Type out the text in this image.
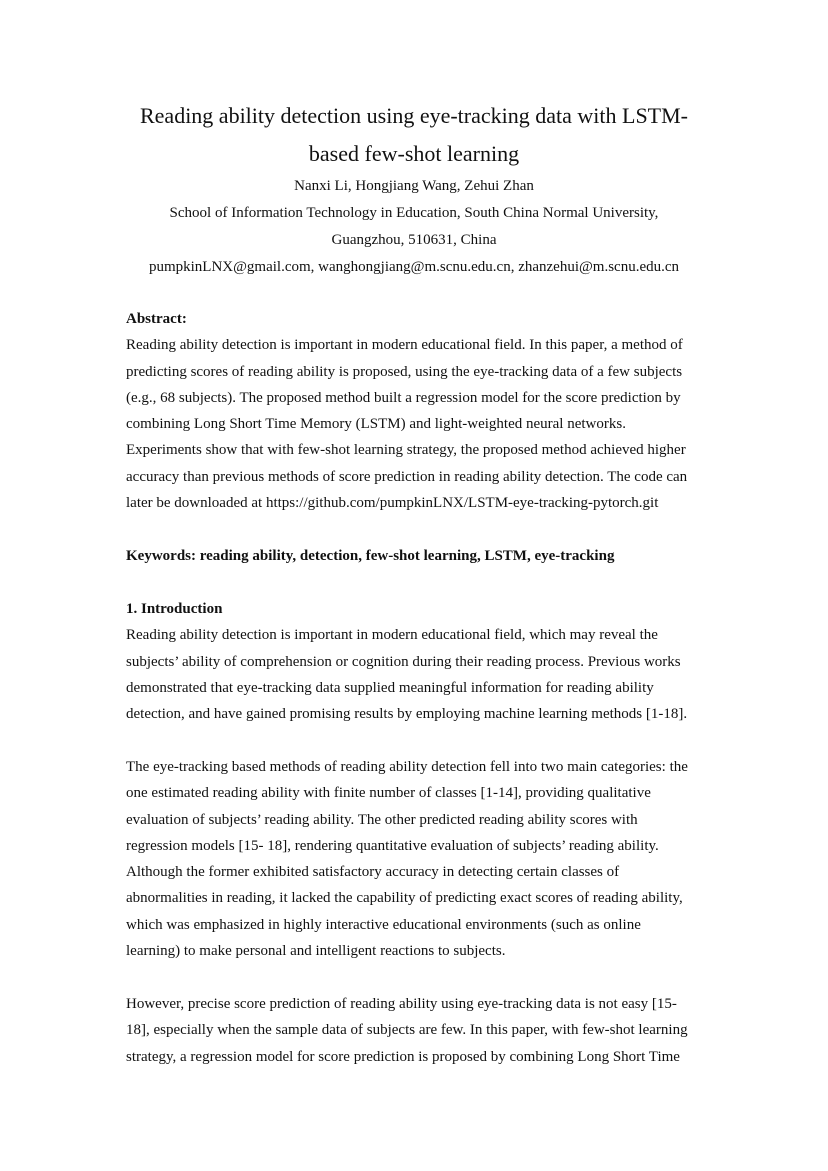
Reading ability detection using eye-tracking data with LSTM-
based few-shot learning

Nanxi Li, Hongjiang Wang, Zehui Zhan

School of Information Technology in Education, South China Normal University,

Guangzhou, 510631, China

pumpkinLNX@gmail.com, wanghongjiang@m.scnu.edu.cn, zhanzehui@m.scnu.edu.cn

Abstract:
Reading ability detection is important in modern educational field. In this paper, a method of
predicting scores of reading ability is proposed, using the eye-tracking data of a few subjects
(e.g., 68 subjects). The proposed method built a regression model for the score prediction by
combining Long Short Time Memory (LSTM) and light-weighted neural networks.
Experiments show that with few-shot learning strategy, the proposed method achieved higher
accuracy than previous methods of score prediction in reading ability detection. The code can
later be downloaded at https://github.com/pumpkinLNX/LSTM-eye-tracking-pytorch.git
Keywords: reading ability, detection, few-shot learning, LSTM, eye-tracking
1. Introduction
Reading ability detection is important in modern educational field, which may reveal the
subjects’ ability of comprehension or cognition during their reading process. Previous works
demonstrated that eye-tracking data supplied meaningful information for reading ability
detection, and have gained promising results by employing machine learning methods [1-18].
The eye-tracking based methods of reading ability detection fell into two main categories: the
one estimated reading ability with finite number of classes [1-14], providing qualitative
evaluation of subjects’ reading ability. The other predicted reading ability scores with
regression models [15- 18], rendering quantitative evaluation of subjects’ reading ability.
Although the former exhibited satisfactory accuracy in detecting certain classes of
abnormalities in reading, it lacked the capability of predicting exact scores of reading ability,
which was emphasized in highly interactive educational environments (such as online
learning) to make personal and intelligent reactions to subjects.
However, precise score prediction of reading ability using eye-tracking data is not easy [15-
18], especially when the sample data of subjects are few. In this paper, with few-shot learning
strategy, a regression model for score prediction is proposed by combining Long Short Time
